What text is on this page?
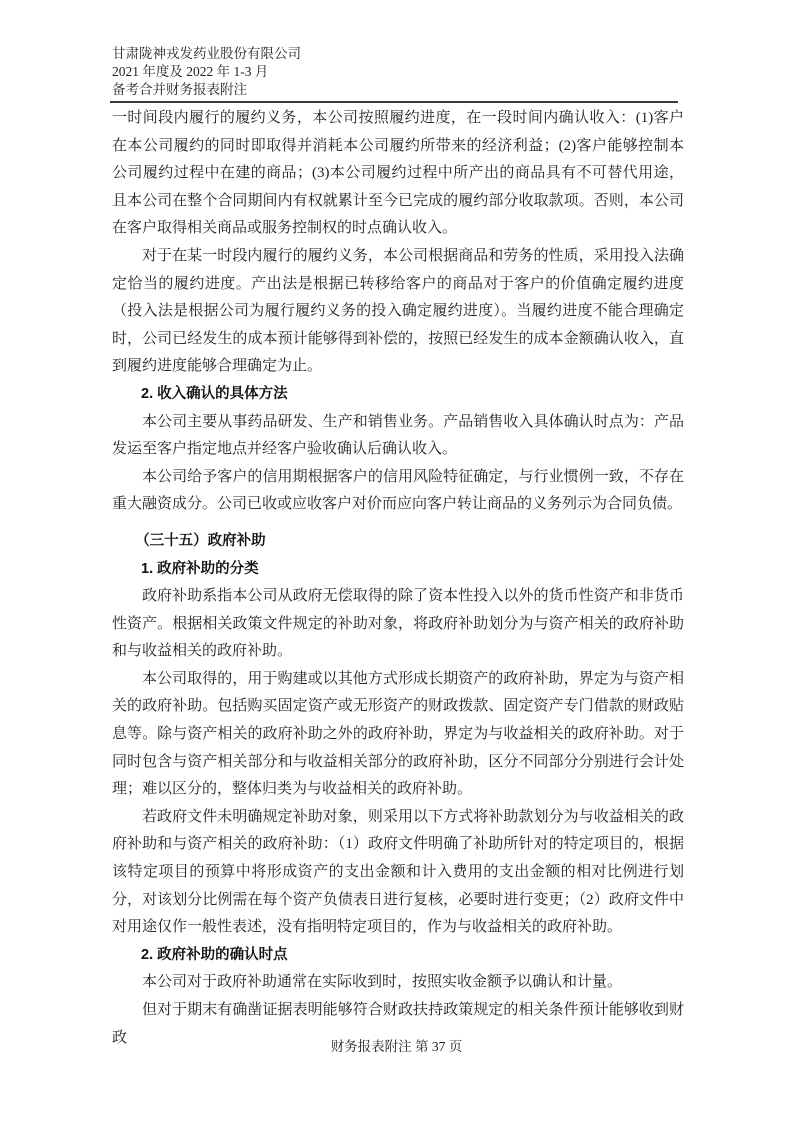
甘肃陇神戎发药业股份有限公司
2021 年度及 2022 年 1-3 月
备考合并财务报表附注

一时间段内履行的履约义务，本公司按照履约进度，在一段时间内确认收入：(1)客户在本公司履约的同时即取得并消耗本公司履约所带来的经济利益；(2)客户能够控制本公司履约过程中在建的商品；(3)本公司履约过程中所产出的商品具有不可替代用途，且本公司在整个合同期间内有权就累计至今已完成的履约部分收取款项。否则，本公司在客户取得相关商品或服务控制权的时点确认收入。

对于在某一时段内履行的履约义务，本公司根据商品和劳务的性质，采用投入法确定恰当的履约进度。产出法是根据已转移给客户的商品对于客户的价值确定履约进度（投入法是根据公司为履行履约义务的投入确定履约进度）。当履约进度不能合理确定时，公司已经发生的成本预计能够得到补偿的，按照已经发生的成本金额确认收入，直到履约进度能够合理确定为止。

2. 收入确认的具体方法

本公司主要从事药品研发、生产和销售业务。产品销售收入具体确认时点为：产品发运至客户指定地点并经客户验收确认后确认收入。

本公司给予客户的信用期根据客户的信用风险特征确定，与行业惯例一致，不存在重大融资成分。公司已收或应收客户对价而应向客户转让商品的义务列示为合同负债。

（三十五）政府补助

1. 政府补助的分类

政府补助系指本公司从政府无偿取得的除了资本性投入以外的货币性资产和非货币性资产。根据相关政策文件规定的补助对象，将政府补助划分为与资产相关的政府补助和与收益相关的政府补助。

本公司取得的，用于购建或以其他方式形成长期资产的政府补助，界定为与资产相关的政府补助。包括购买固定资产或无形资产的财政拨款、固定资产专门借款的财政贴息等。除与资产相关的政府补助之外的政府补助，界定为与收益相关的政府补助。对于同时包含与资产相关部分和与收益相关部分的政府补助，区分不同部分分别进行会计处理；难以区分的，整体归类为与收益相关的政府补助。

若政府文件未明确规定补助对象，则采用以下方式将补助款划分为与收益相关的政府补助和与资产相关的政府补助：（1）政府文件明确了补助所针对的特定项目的，根据该特定项目的预算中将形成资产的支出金额和计入费用的支出金额的相对比例进行划分，对该划分比例需在每个资产负债表日进行复核，必要时进行变更；（2）政府文件中对用途仅作一般性表述，没有指明特定项目的，作为与收益相关的政府补助。

2. 政府补助的确认时点

本公司对于政府补助通常在实际收到时，按照实收金额予以确认和计量。

但对于期末有确凿证据表明能够符合财政扶持政策规定的相关条件预计能够收到财政

财务报表附注 第 37 页
